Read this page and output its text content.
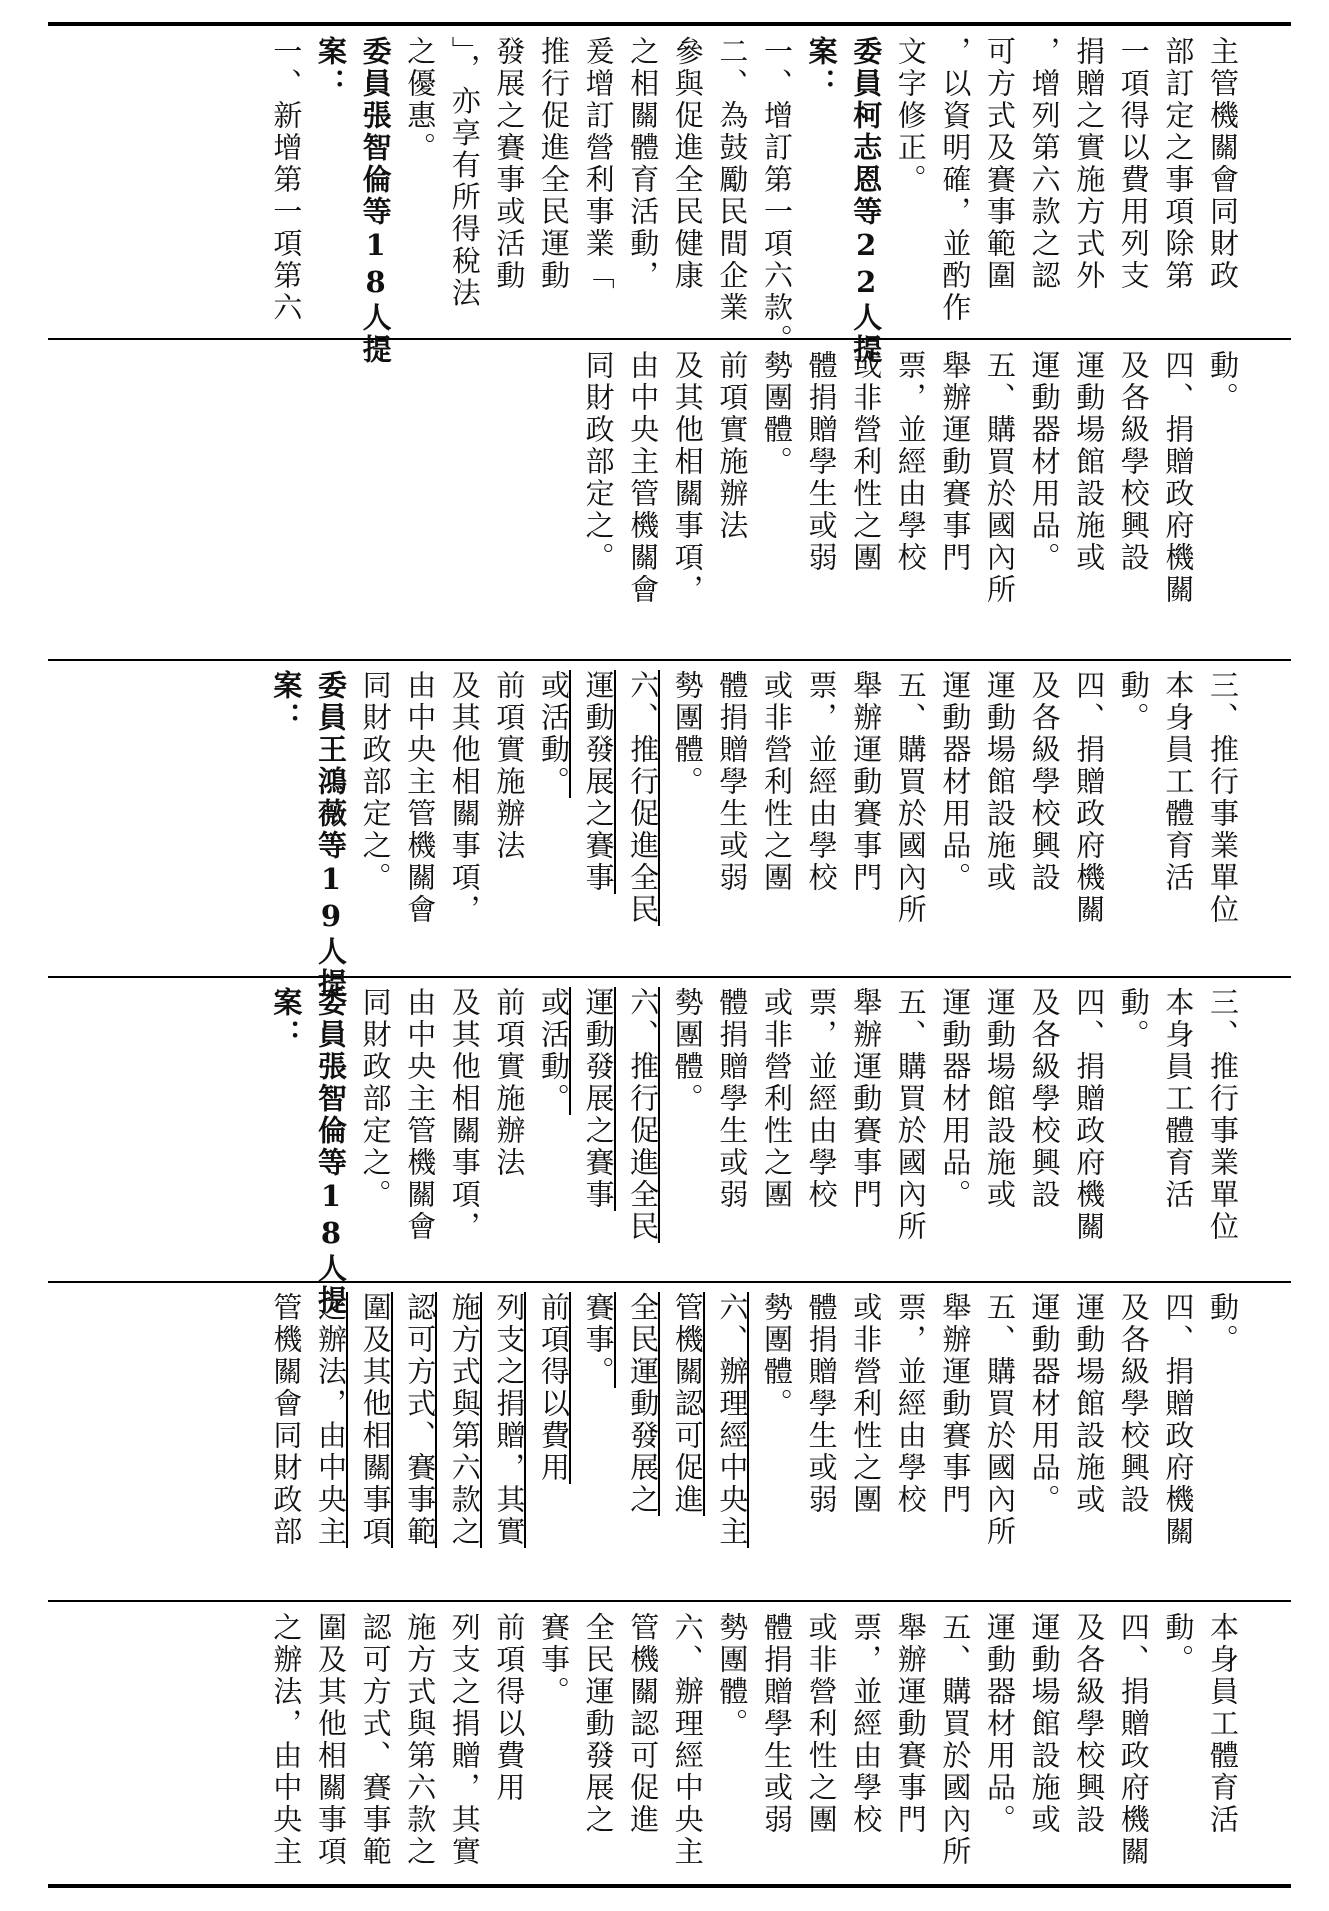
主管機關會同財政
部訂定之事項除第
一項得以費用列支
捐贈之實施方式外
，增列第六款之認
可方式及賽事範圍
，以資明確，並酌作
文字修正。
委員柯志恩等22人提
案：
一、增訂第一項六款。
二、為鼓勵民間企業
參與促進全民健康
之相關體育活動，
爰增訂營利事業「
推行促進全民運動
發展之賽事或活動
」，亦享有所得稅法
之優惠。
委員張智倫等18人提
案：
一、新增第一項第六
動。
四、捐贈政府機關
及各級學校興設
運動場館設施或
運動器材用品。
五、購買於國內所
舉辦運動賽事門
票，並經由學校
或非營利性之團
體捐贈學生或弱
勢團體。
前項實施辦法
及其他相關事項，
由中央主管機關會
同財政部定之。
三、推行事業單位
本身員工體育活
動。
四、捐贈政府機關
及各級學校興設
運動場館設施或
運動器材用品。
五、購買於國內所
舉辦運動賽事門
票，並經由學校
或非營利性之團
體捐贈學生或弱
勢團體。
六、推行促進全民
運動發展之賽事
或活動。
前項實施辦法
及其他相關事項，
由中央主管機關會
同財政部定之。
委員王鴻薇等19人提
案：
三、推行事業單位
本身員工體育活
動。
四、捐贈政府機關
及各級學校興設
運動場館設施或
運動器材用品。
五、購買於國內所
舉辦運動賽事門
票，並經由學校
或非營利性之團
體捐贈學生或弱
勢團體。
六、推行促進全民
運動發展之賽事
或活動。
前項實施辦法
及其他相關事項，
由中央主管機關會
同財政部定之。
委員張智倫等18人提
案：
動。
四、捐贈政府機關
及各級學校興設
運動場館設施或
運動器材用品。
五、購買於國內所
舉辦運動賽事門
票，並經由學校
或非營利性之團
體捐贈學生或弱
勢團體。
六、辦理經中央主
管機關認可促進
全民運動發展之
賽事。
前項得以費用
列支之捐贈，其實
施方式與第六款之
認可方式、賽事範
圍及其他相關事項
之辦法，由中央主
管機關會同財政部
本身員工體育活
動。
四、捐贈政府機關
及各級學校興設
運動場館設施或
運動器材用品。
五、購買於國內所
舉辦運動賽事門
票，並經由學校
或非營利性之團
體捐贈學生或弱
勢團體。
六、辦理經中央主
管機關認可促進
全民運動發展之
賽事。
前項得以費用
列支之捐贈，其實
施方式與第六款之
認可方式、賽事範
圍及其他相關事項
之辦法，由中央主
